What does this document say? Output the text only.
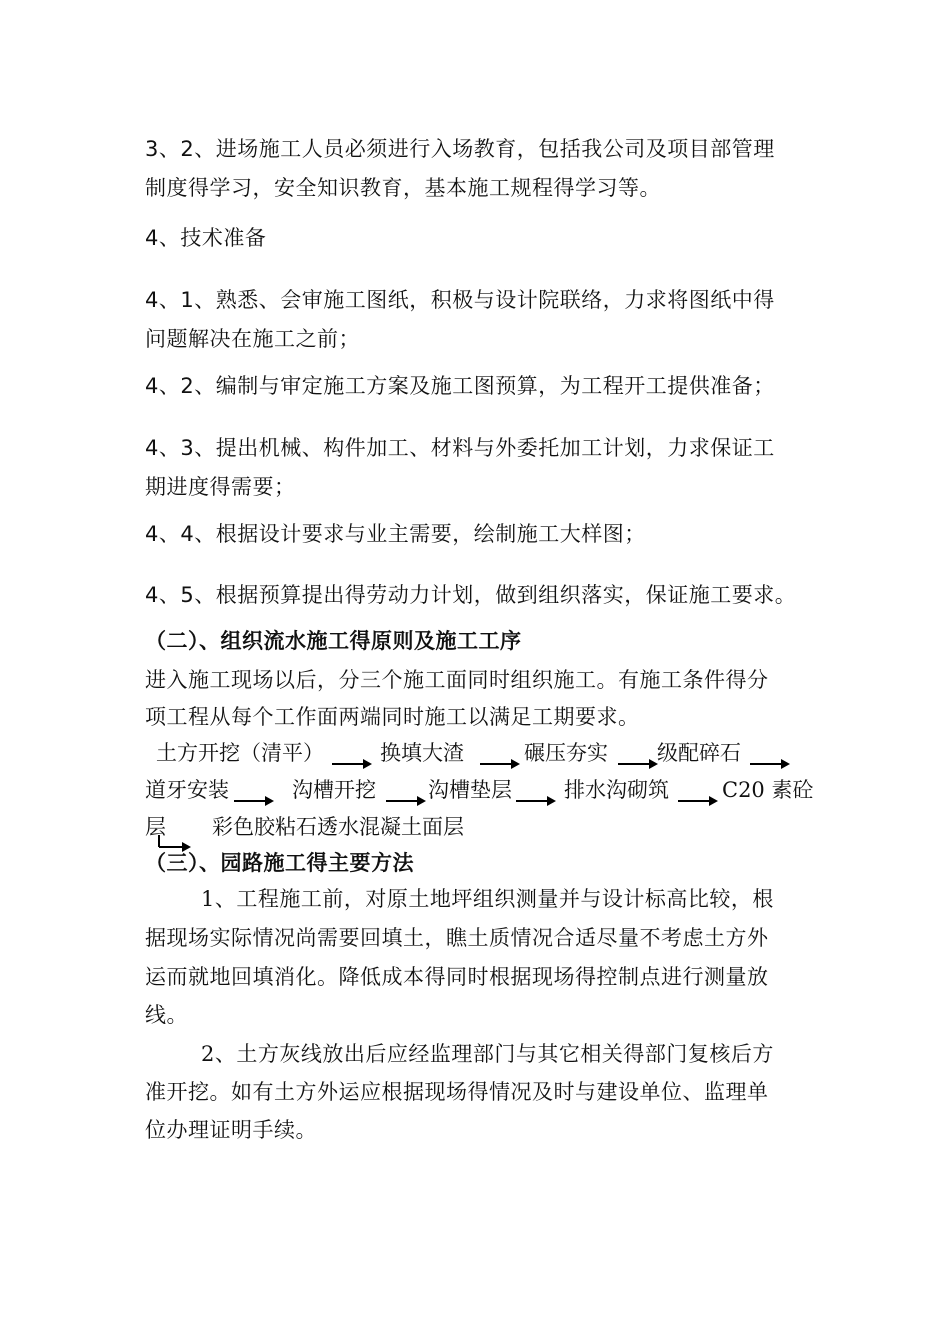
3、2、进场施工人员必须进行入场教育，包括我公司及项目部管理
制度得学习，安全知识教育，基本施工规程得学习等。
4、技术准备
4、1、熟悉、会审施工图纸，积极与设计院联络，力求将图纸中得
问题解决在施工之前；
4、2、编制与审定施工方案及施工图预算，为工程开工提供准备；
4、3、提出机械、构件加工、材料与外委托加工计划，力求保证工
期进度得需要；
4、4、根据设计要求与业主需要，绘制施工大样图；
4、5、根据预算提出得劳动力计划，做到组织落实，保证施工要求。
（二）、组织流水施工得原则及施工工序
进入施工现场以后，分三个施工面同时组织施工。有施工条件得分
项工程从每个工作面两端同时施工以满足工期要求。
土方开挖（清平）	换填大渣	碾压夯实 级配碎石
道牙安装	沟槽开挖 沟槽垫层 排水沟砌筑	C20 素砼
层 彩色胶粘石透水混凝土面层
（三）、园路施工得主要方法
1、工程施工前，对原土地坪组织测量并与设计标高比较，根
据现场实际情况尚需要回填土，瞧土质情况合适尽量不考虑土方外
运而就地回填消化。降低成本得同时根据现场得控制点进行测量放
线。
2、土方灰线放出后应经监理部门与其它相关得部门复核后方
准开挖。如有土方外运应根据现场得情况及时与建设单位、监理单
位办理证明手续。
